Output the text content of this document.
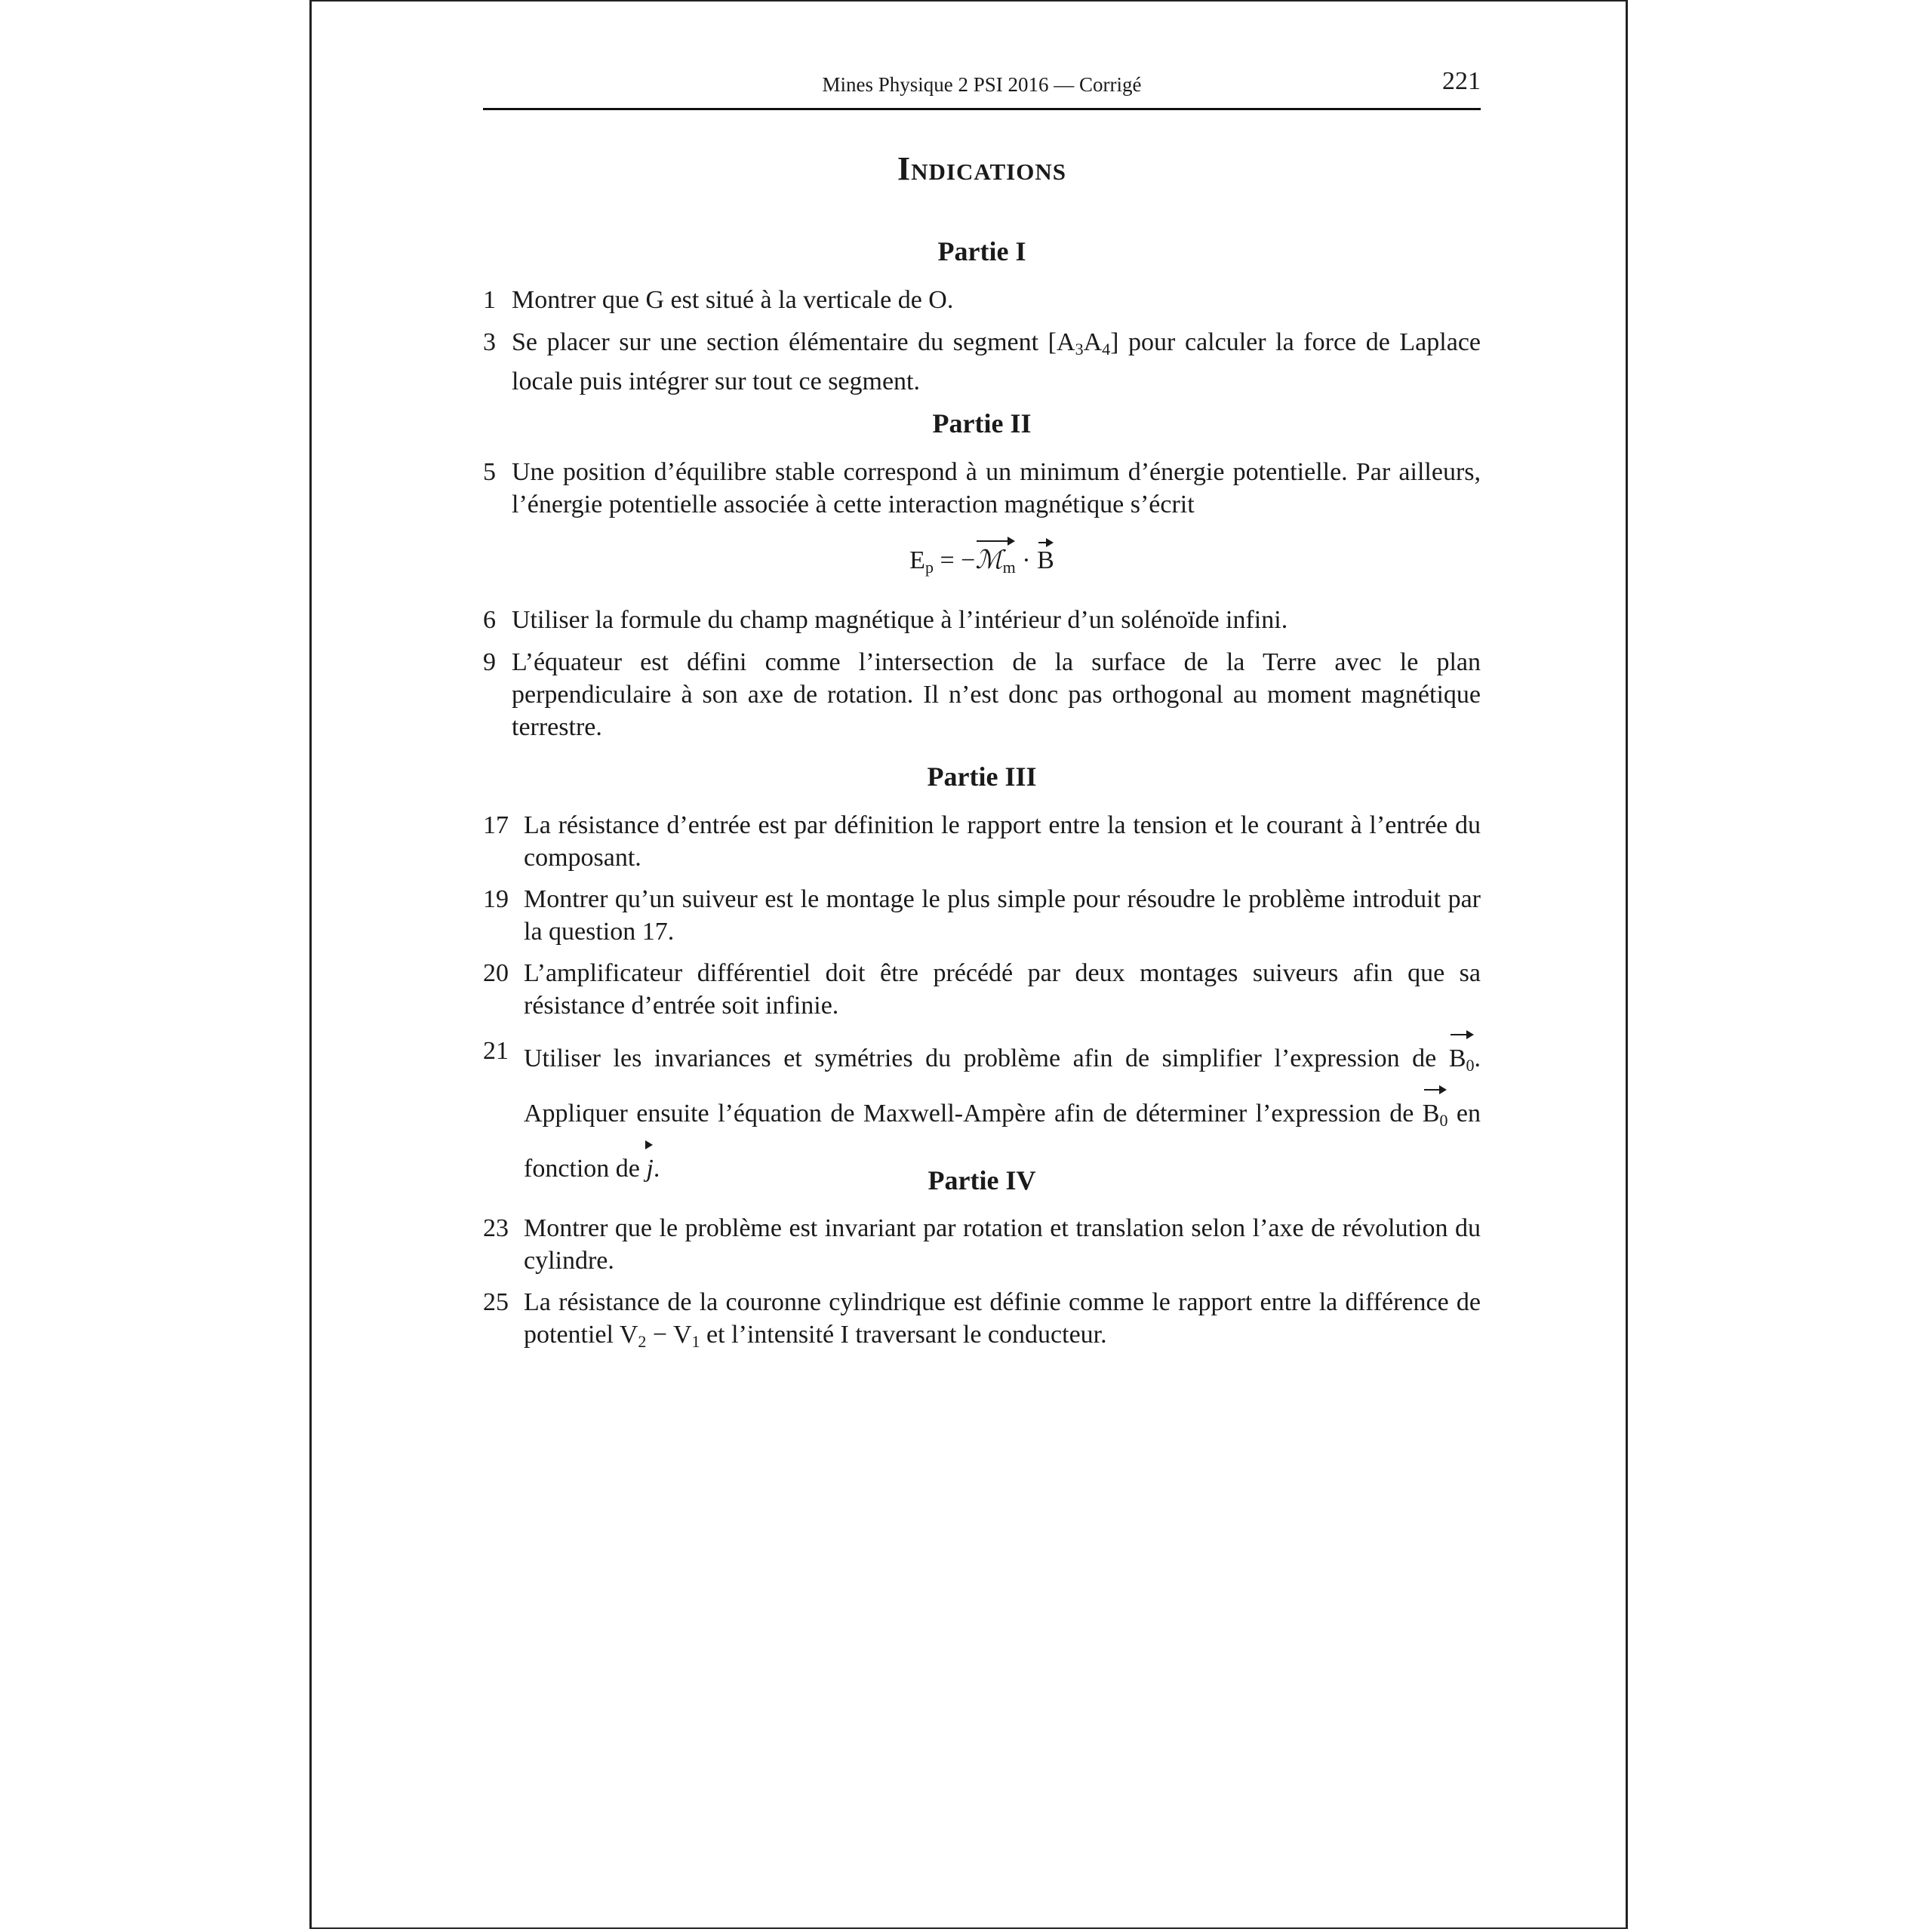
Mines Physique 2 PSI 2016 — Corrigé	221
Indications
Partie I
1 Montrer que G est situé à la verticale de O.
3 Se placer sur une section élémentaire du segment $[A_3A_4]$ pour calculer la force de Laplace locale puis intégrer sur tout ce segment.
Partie II
5 Une position d’équilibre stable correspond à un minimum d’énergie potentielle. Par ailleurs, l’énergie potentielle associée à cette interaction magnétique s’écrit
$E_p$ = −
ℳ$_m$ ·
B
6 Utiliser la formule du champ magnétique à l’intérieur d’un solénoïde infini.
9 L’équateur est défini comme l’intersection de la surface de la Terre avec le plan perpendiculaire à son axe de rotation. Il n’est donc pas orthogonal au moment magnétique terrestre.
Partie III
17 La résistance d’entrée est par définition le rapport entre la tension et le courant à l’entrée du composant.
19 Montrer qu’un suiveur est le montage le plus simple pour résoudre le problème introduit par la question 17.
20 L’amplificateur différentiel doit être précédé par deux montages suiveurs afin que sa résistance d’entrée soit infinie.
21 Utiliser les invariances et symétries du problème afin de simplifier l’expression de
$B_0$. Appliquer ensuite l’équation de Maxwell-Ampère afin de déterminer l’expression de
$B_0$ en fonction de
j.	Partie IV
23 Montrer que le problème est invariant par rotation et translation selon l’axe de révolution du cylindre.
25 La résistance de la couronne cylindrique est définie comme le rapport entre la différence de potentiel $V_2 - V_1$ et l’intensité I traversant le conducteur.
